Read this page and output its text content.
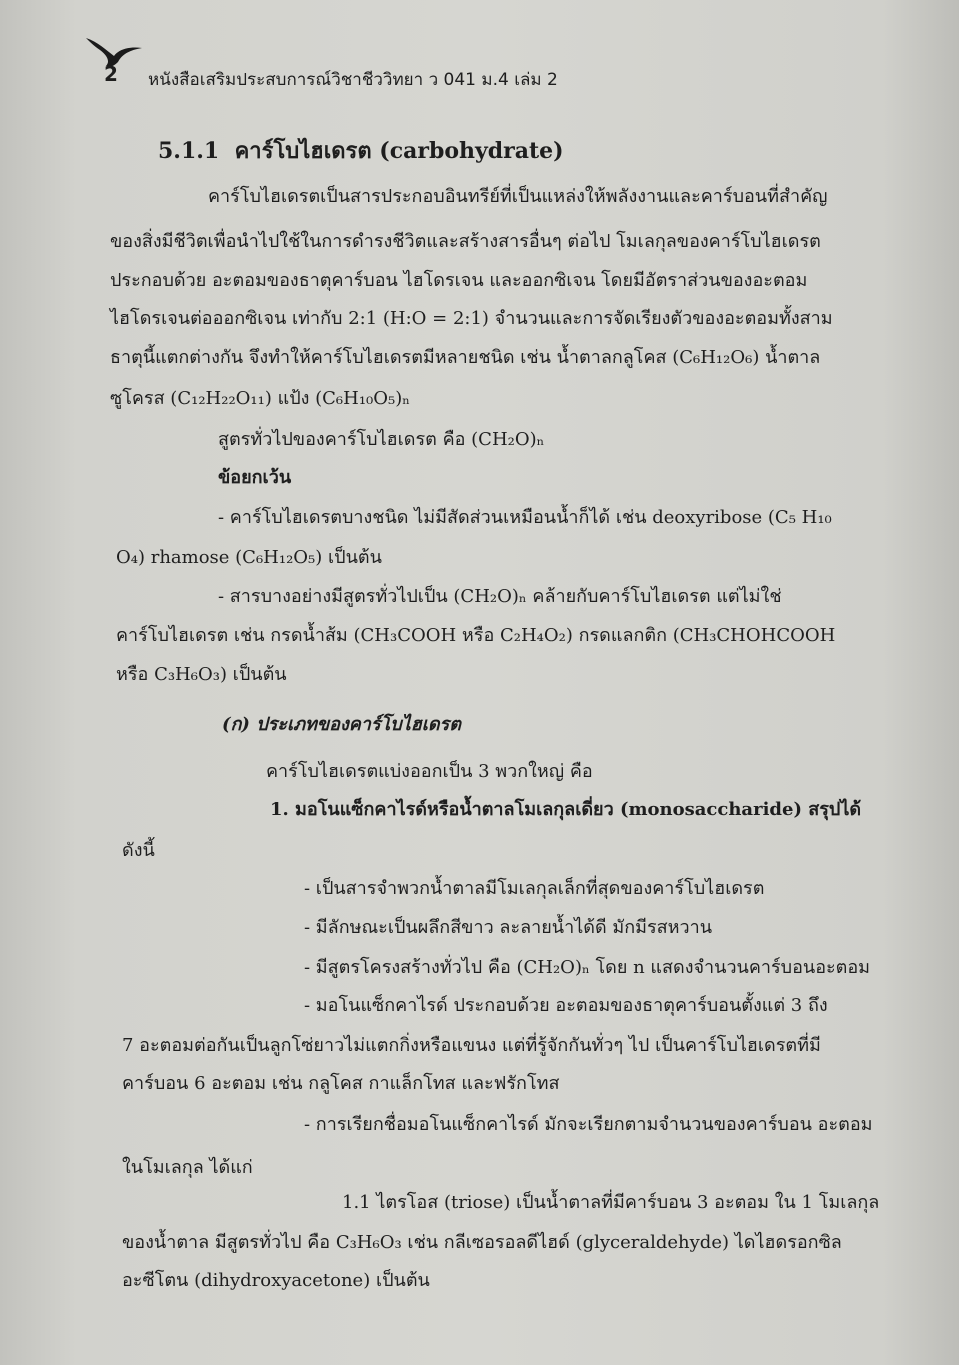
2 หนังสือเสริมประสบการณ์วิชาชีววิทยา ว 041 ม.4 เล่ม 2
5.1.1 คาร์โบไฮเดรต (carbohydrate)
คาร์โบไฮเดรตเป็นสารประกอบอินทรีย์ที่เป็นแหล่งให้พลังงานและคาร์บอนที่สำคัญ
ของสิ่งมีชีวิตเพื่อนำไปใช้ในการดำรงชีวิตและสร้างสารอื่นๆ ต่อไป โมเลกุลของคาร์โบไฮเดรต
ประกอบด้วย อะตอมของธาตุคาร์บอน ไฮโดรเจน และออกซิเจน โดยมีอัตราส่วนของอะตอม
ไฮโดรเจนต่อออกซิเจน เท่ากับ 2:1 (H:O = 2:1) จำนวนและการจัดเรียงตัวของอะตอมทั้งสาม
ธาตุนี้แตกต่างกัน จึงทำให้คาร์โบไฮเดรตมีหลายชนิด เช่น น้ำตาลกลูโคส (C₆H₁₂O₆) น้ำตาล
ซูโครส (C₁₂H₂₂O₁₁) แป้ง (C₆H₁₀O₅)ₙ
สูตรทั่วไปของคาร์โบไฮเดรต คือ (CH₂O)ₙ
ข้อยกเว้น
- คาร์โบไฮเดรตบางชนิด ไม่มีสัดส่วนเหมือนน้ำก็ได้ เช่น deoxyribose (C₅ H₁₀
O₄) rhamose (C₆H₁₂O₅) เป็นต้น
- สารบางอย่างมีสูตรทั่วไปเป็น (CH₂O)ₙ คล้ายกับคาร์โบไฮเดรต แต่ไม่ใช่
คาร์โบไฮเดรต เช่น กรดน้ำส้ม (CH₃COOH หรือ C₂H₄O₂) กรดแลกติก (CH₃CHOHCOOH
หรือ C₃H₆O₃) เป็นต้น
(ก) ประเภทของคาร์โบไฮเดรต
คาร์โบไฮเดรตแบ่งออกเป็น 3 พวกใหญ่ คือ
1. มอโนแซ็กคาไรด์หรือน้ำตาลโมเลกุลเดี่ยว (monosaccharide) สรุปได้
ดังนี้
- เป็นสารจำพวกน้ำตาลมีโมเลกุลเล็กที่สุดของคาร์โบไฮเดรต
- มีลักษณะเป็นผลึกสีขาว ละลายน้ำได้ดี มักมีรสหวาน
- มีสูตรโครงสร้างทั่วไป คือ (CH₂O)ₙ โดย n แสดงจำนวนคาร์บอนอะตอม
- มอโนแซ็กคาไรด์ ประกอบด้วย อะตอมของธาตุคาร์บอนตั้งแต่ 3 ถึง
7 อะตอมต่อกันเป็นลูกโซ่ยาวไม่แตกกิ่งหรือแขนง แต่ที่รู้จักกันทั่วๆ ไป เป็นคาร์โบไฮเดรตที่มี
คาร์บอน 6 อะตอม เช่น กลูโคส กาแล็กโทส และฟรักโทส
- การเรียกชื่อมอโนแซ็กคาไรด์ มักจะเรียกตามจำนวนของคาร์บอน อะตอม
ในโมเลกุล ได้แก่
1.1 ไตรโอส (triose) เป็นน้ำตาลที่มีคาร์บอน 3 อะตอม ใน 1 โมเลกุล
ของน้ำตาล มีสูตรทั่วไป คือ C₃H₆O₃ เช่น กลีเซอรอลดีไฮด์ (glyceraldehyde) ไดไฮดรอกซิล
อะซีโตน (dihydroxyacetone) เป็นต้น
